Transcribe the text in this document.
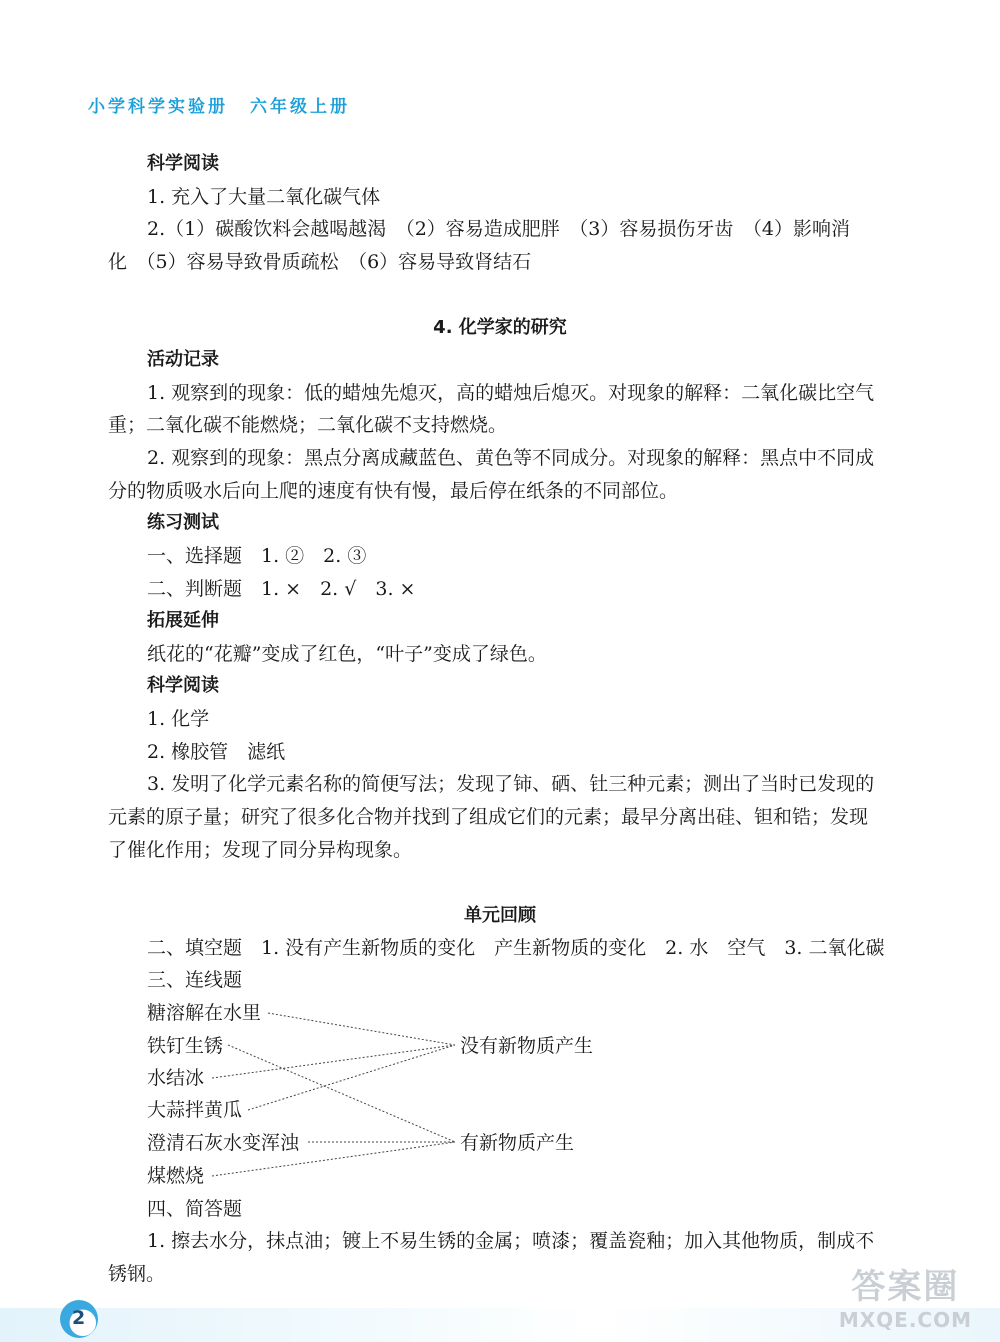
小学科学实验册 六年级上册
科学阅读
1. 充入了大量二氧化碳气体
2.（1）碳酸饮料会越喝越渴　（2）容易造成肥胖　（3）容易损伤牙齿　（4）影响消
化　（5）容易导致骨质疏松　（6）容易导致肾结石
4. 化学家的研究
活动记录
1. 观察到的现象：低的蜡烛先熄灭，高的蜡烛后熄灭。对现象的解释：二氧化碳比空气
重；二氧化碳不能燃烧；二氧化碳不支持燃烧。
2. 观察到的现象：黑点分离成藏蓝色、黄色等不同成分。对现象的解释：黑点中不同成
分的物质吸水后向上爬的速度有快有慢，最后停在纸条的不同部位。
练习测试
一、选择题　1. ②　2. ③
二、判断题　1. ×　2. √　3. ×
拓展延伸
纸花的“花瓣”变成了红色，“叶子”变成了绿色。
科学阅读
1. 化学
2. 橡胶管　滤纸
3. 发明了化学元素名称的简便写法；发现了铈、硒、钍三种元素；测出了当时已发现的
元素的原子量；研究了很多化合物并找到了组成它们的元素；最早分离出硅、钽和锆；发现
了催化作用；发现了同分异构现象。
单元回顾
二、填空题　1. 没有产生新物质的变化　产生新物质的变化　2. 水　空气　3. 二氧化碳
三、连线题
糖溶解在水里
铁钉生锈
水结冰
大蒜拌黄瓜
澄清石灰水变浑浊
煤燃烧
没有新物质产生
有新物质产生
四、简答题
1. 擦去水分，抹点油；镀上不易生锈的金属；喷漆；覆盖瓷釉；加入其他物质，制成不
锈钢。
2
答案圈
MXQE.COM
